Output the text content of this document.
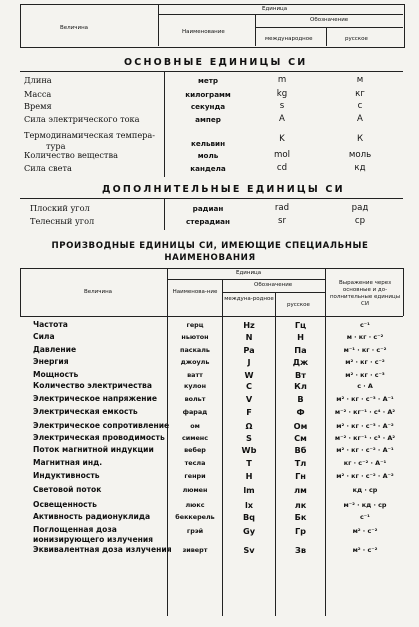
Величина
Единица
Наименование
Обозначение
международное	русское
ОСНОВНЫЕ ЕДИНИЦЫ СИ
Длина	метр	m	м
Масса	килограмм	kg	кг
Время	секунда	s	с
Сила электрического тока	ампер	A	А
Термодинамическая темпера-
тура	кельвин	K	К
Количество вещества	моль	mol	моль
Сила света	кандела	cd	кд
ДОПОЛНИТЕЛЬНЫЕ ЕДИНИЦЫ СИ
Плоский угол	радиан	rad	рад
Телесный угол	стерадиан	sr	ср
ПРОИЗВОДНЫЕ ЕДИНИЦЫ СИ, ИМЕЮЩИЕ СПЕЦИАЛЬНЫЕ НАИМЕНОВАНИЯ
Величина
Единица
Наименова-ние
Обозначение
междуна-родное
русское
Выражение через основные и до-полнительные единицы СИ
Частота	герц	Hz	Гц	с⁻¹
Сила	ньютон	N	Н	м · кг · с⁻²
Давление	паскаль	Pa	Па	м⁻¹ · кг · с⁻²
Энергия	джоуль	J	Дж	м² · кг · с⁻²
Мощность	ватт	W	Вт	м² · кг · с⁻³
Количество электричества	кулон	C	Кл	с · А
Электрическое напряжение	вольт	V	В	м² · кг · с⁻³ · А⁻¹
Электрическая емкость	фарад	F	Ф	м⁻² · кг⁻¹ · с⁴ · А²
Электрическое сопротивление	ом	Ω	Ом	м² · кг · с⁻³ · А⁻²
Электрическая проводимость	сименс	S	См	м⁻² · кг⁻¹ · с³ · А²
Поток магнитной индукции	вебер	Wb	Вб	м² · кг · с⁻² · А⁻¹
Магнитная инд.	тесла	T	Тл	кг · с⁻² · А⁻¹
Индуктивность	генри	H	Гн	м² · кг · с⁻² · А⁻²
Световой поток	люмен	lm	лм	кд · ср
Освещенность	люкс	lx	лк	м⁻² · кд · ср
Активность радионуклида	беккерель	Bq	Бк	с⁻¹
Поглощенная доза
ионизирующего излучения
грэй	Gy	Гр	м² · с⁻²
Эквивалентная доза излучения	зиверт	Sv	Зв	м² · с⁻²
